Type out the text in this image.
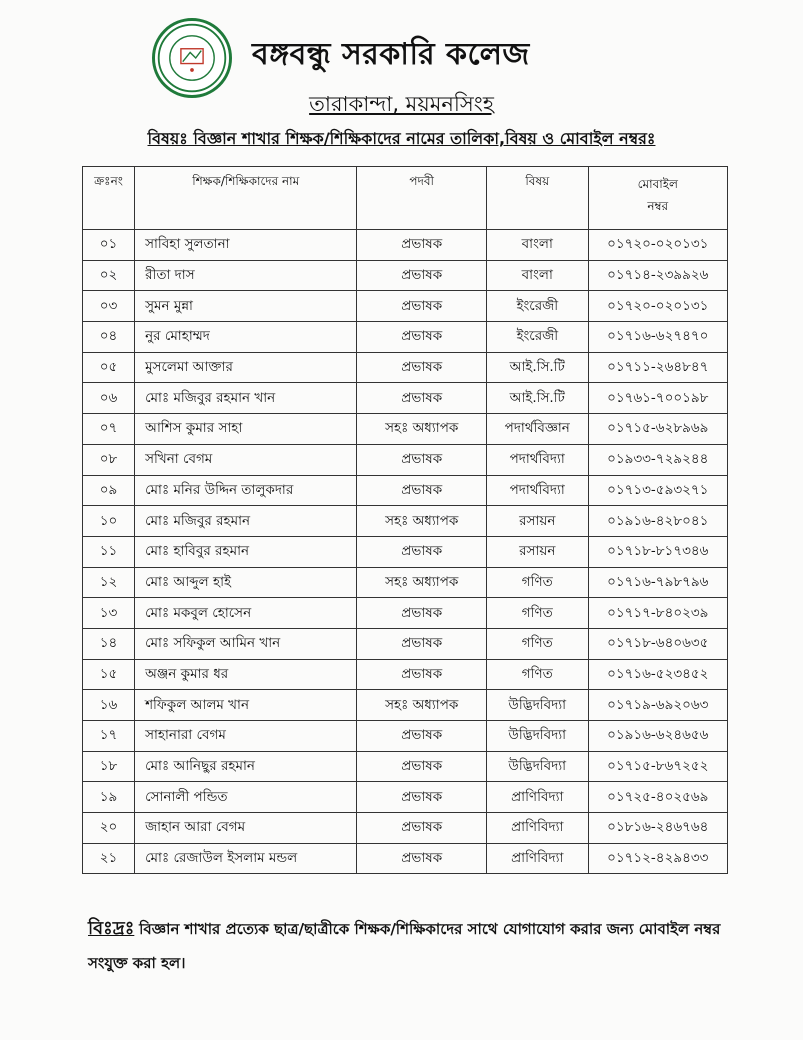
বঙ্গবন্ধু সরকারি কলেজ
তারাকান্দা, ময়মনসিংহ
বিষয়ঃ বিজ্ঞান শাখার শিক্ষক/শিক্ষিকাদের নামের তালিকা,বিষয় ও মোবাইল নম্বরঃ
ক্রঃনং	শিক্ষক/শিক্ষিকাদের নাম	পদবী	বিষয়	মোবাইল
নম্বর

০১	সাবিহা সুলতানা	প্রভাষক	বাংলা	০১৭২০-০২০১৩১
০২	রীতা দাস	প্রভাষক	বাংলা	০১৭১৪-২৩৯৯২৬
০৩	সুমন মুন্না	প্রভাষক	ইংরেজী	০১৭২০-০২০১৩১
০৪	নুর মোহাম্মদ	প্রভাষক	ইংরেজী	০১৭১৬-৬২৭৪৭০
০৫	মুসলেমা আক্তার	প্রভাষক	আই.সি.টি	০১৭১১-২৬৪৮৪৭
০৬	মোঃ মজিবুর রহমান খান	প্রভাষক	আই.সি.টি	০১৭৬১-৭০০১৯৮
০৭	আশিস কুমার সাহা	সহঃ অধ্যাপক	পদার্থবিজ্ঞান	০১৭১৫-৬২৮৯৬৯
০৮	সখিনা বেগম	প্রভাষক	পদার্থবিদ্যা	০১৯৩৩-৭২৯২৪৪
০৯	মোঃ মনির উদ্দিন তালুকদার	প্রভাষক	পদার্থবিদ্যা	০১৭১৩-৫৯৩২৭১
১০	মোঃ মজিবুর রহমান	সহঃ অধ্যাপক	রসায়ন	০১৯১৬-৪২৮০৪১
১১	মোঃ হাবিবুর রহমান	প্রভাষক	রসায়ন	০১৭১৮-৮১৭৩৪৬
১২	মোঃ আব্দুল হাই	সহঃ অধ্যাপক	গণিত	০১৭১৬-৭৯৮৭৯৬
১৩	মোঃ মকবুল হোসেন	প্রভাষক	গণিত	০১৭১৭-৮৪০২৩৯
১৪	মোঃ সফিকুল আমিন খান	প্রভাষক	গণিত	০১৭১৮-৬৪০৬৩৫
১৫	অঞ্জন কুমার ধর	প্রভাষক	গণিত	০১৭১৬-৫২৩৪৫২
১৬	শফিকুল আলম খান	সহঃ অধ্যাপক	উদ্ভিদবিদ্যা	০১৭১৯-৬৯২০৬৩
১৭	সাহানারা বেগম	প্রভাষক	উদ্ভিদবিদ্যা	০১৯১৬-৬২৪৬৫৬
১৮	মোঃ আনিছুর রহমান	প্রভাষক	উদ্ভিদবিদ্যা	০১৭১৫-৮৬৭২৫২
১৯	সোনালী পন্ডিত	প্রভাষক	প্রাণিবিদ্যা	০১৭২৫-৪০২৫৬৯
২০	জাহান আরা বেগম	প্রভাষক	প্রাণিবিদ্যা	০১৮১৬-২৪৬৭৬৪
২১	মোঃ রেজাউল ইসলাম মন্ডল	প্রভাষক	প্রাণিবিদ্যা	০১৭১২-৪২৯৪৩৩
বিঃদ্রঃ বিজ্ঞান শাখার প্রত্যেক ছাত্র/ছাত্রীকে শিক্ষক/শিক্ষিকাদের সাথে যোগাযোগ করার জন্য মোবাইল নম্বর সংযুক্ত করা হল।
